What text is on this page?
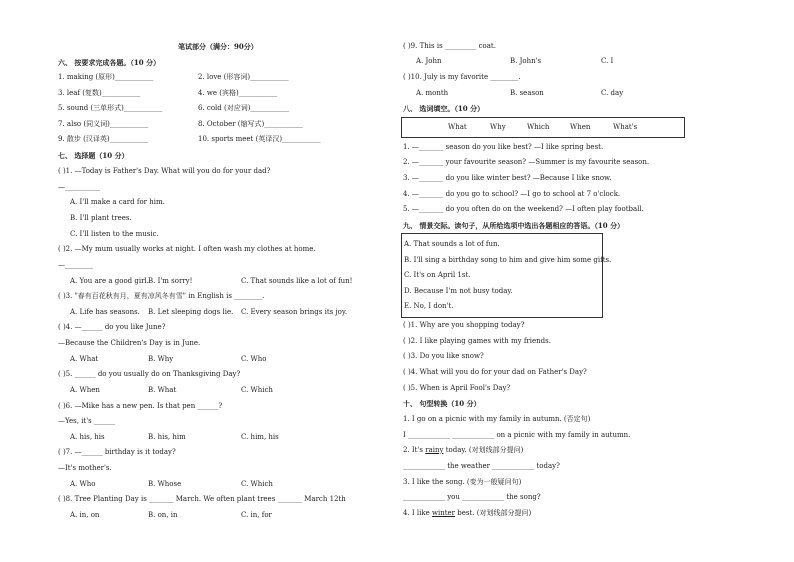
笔试部分（满分：90分）
六、 按要求完成各题。（10 分）
1. making (原形)___________	2. love (形容词)___________
3. leaf (复数)___________	4. we (宾格)___________
5. sound (三单形式)___________	6. cold (对应词)___________
7. also (同义词)___________	8. October (缩写式)___________
9. 散步 (汉译英)___________	10. sports meet (英译汉)___________
七、 选择题（10 分）
( )1. —Today is Father's Day. What will you do for your dad?
—__________
A. I'll make a card for him.
B. I'll plant trees.
C. I'll listen to the music.
( )2. —My mum usually works at night. I often wash my clothes at home.
—________
A. You are a good girl. B. I'm sorry!	C. That sounds like a lot of fun!
( )3. "春有百花秋有月，夏有凉风冬有雪" in English is ________.
A. Life has seasons. B. Let sleeping dogs lie. C. Every season brings its joy.
( )4. —______ do you like June?
—Because the Children's Day is in June.
A. What	B. Why	C. Who
( )5. ______ do you usually do on Thanksgiving Day?
A. When	B. What	C. Which
( )6. —Mike has a new pen. Is that pen ______?
—Yes, it's ______
A. his, his	B. his, him	C. him, his
( )7. —______ birthday is it today?
—It's mother's.
A. Who	B. Whose	C. Which
( )8. Tree Planting Day is _______ March. We often plant trees _______ March 12th
A. in, on	B. on, in	C. in, for
( )9. This is _________ coat.
A. John	B. John's	C. I
( )10. July is my favorite ________.
A. month	B. season	C. day
八、 选词填空。（10 分）
What	Why	Which	When	What's
1. —_______ season do you like best? —I like spring best.
2. —_______ your favourite season? —Summer is my favourite season.
3. —_______ do you like winter best? —Because I like snow.
4. —_______ do you go to school? —I go to school at 7 o'clock.
5. —_______ do you often do on the weekend? —I often play football.
九、 情景交际。读句子，从所给选项中选出各题相应的答语。（10 分）
A. That sounds a lot of fun.
B. I'll sing a birthday song to him and give him some gifts.
C. It's on April 1st.
D. Because I'm not busy today.
E. No, I don't.
( )1. Why are you shopping today?
( )2. I like playing games with my friends.
( )3. Do you like snow?
( )4. What will you do for your dad on Father's Day?
( )5. When is April Fool's Day?
十、 句型转换（10 分）
1. I go on a picnic with my family in autumn. (否定句)
I ____________ ____________ on a picnic with my family in autumn.
2. It's rainy today. (对划线部分提问)
____________ the weather ____________ today?
3. I like the song. (变为一般疑问句)
____________ you ____________ the song?
4. I like winter best. (对划线部分提问)
